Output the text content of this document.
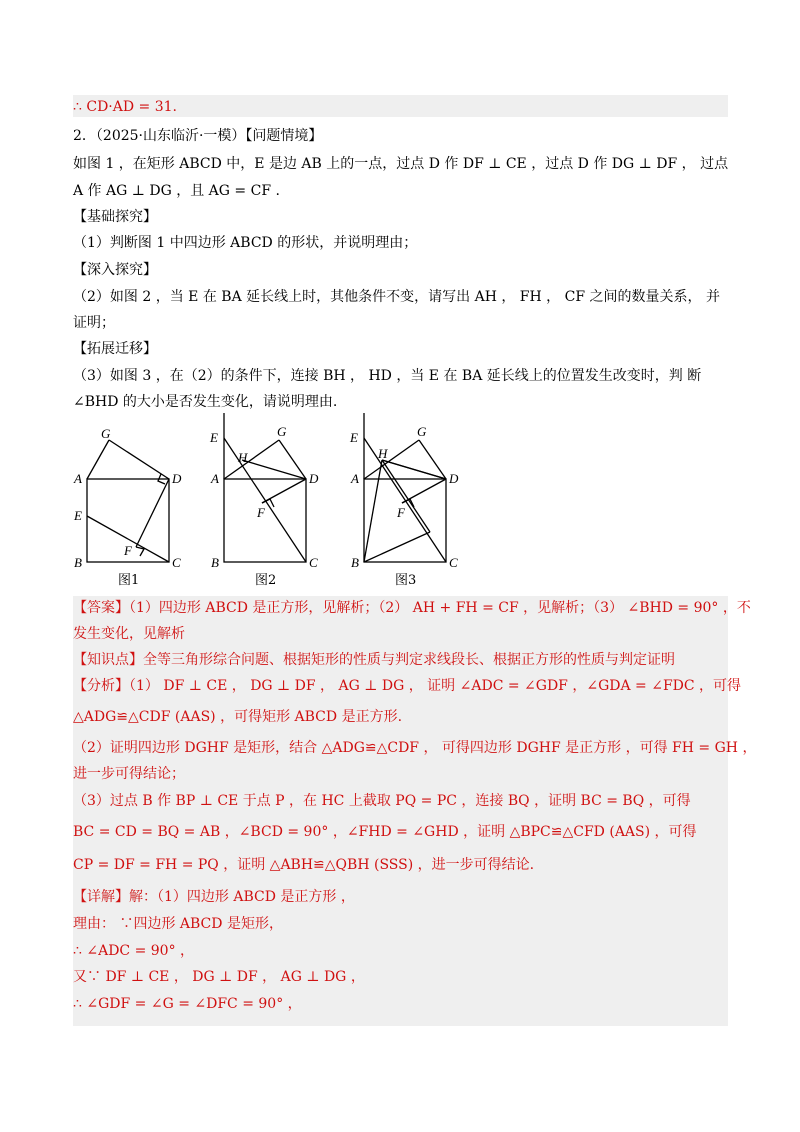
∴ CD·AD = 31.
2．（2025·山东临沂·一模）【问题情境】
如图 1 ，在矩形 ABCD 中，E 是边 AB 上的一点，过点 D 作 DF ⊥ CE ，过点 D 作 DG ⊥ DF ， 过点
A 作 AG ⊥ DG ，且 AG = CF .
【基础探究】
（1）判断图 1 中四边形 ABCD 的形状，并说明理由；
【深入探究】
（2）如图 2 ，当 E 在 BA 延长线上时，其他条件不变，请写出 AH ， FH ， CF 之间的数量关系， 并
证明；
【拓展迁移】
（3）如图 3 ，在（2）的条件下，连接 BH ， HD ，当 E 在 BA 延长线上的位置发生改变时，判 断
∠BHD 的大小是否发生变化，请说明理由.
G
A	D
E
F
B	C
图1
E	G
H
A	D
F
B	C
图2
E	G
H
A	D
F
B	C
图3
【答案】（1）四边形 ABCD 是正方形，见解析；（2） AH + FH = CF ，见解析；（3） ∠BHD = 90° ，不
发生变化，见解析
【知识点】全等三角形综合问题、根据矩形的性质与判定求线段长、根据正方形的性质与判定证明
【分析】（1） DF ⊥ CE ， DG ⊥ DF ， AG ⊥ DG ， 证明 ∠ADC = ∠GDF ，∠GDA = ∠FDC ，可得
△ADG≌△CDF (AAS) ，可得矩形 ABCD 是正方形.
（2）证明四边形 DGHF 是矩形，结合 △ADG≌△CDF ， 可得四边形 DGHF 是正方形 ，可得 FH = GH ，
进一步可得结论；
（3）过点 B 作 BP ⊥ CE 于点 P ，在 HC 上截取 PQ = PC ，连接 BQ ，证明 BC = BQ ，可得
BC = CD = BQ = AB ，∠BCD = 90° ，∠FHD = ∠GHD ，证明 △BPC≌△CFD (AAS) ，可得
CP = DF = FH = PQ ，证明 △ABH≌△QBH (SSS) ，进一步可得结论.
【详解】解：（1）四边形 ABCD 是正方形 ，
理由： ∵四边形 ABCD 是矩形，
∴ ∠ADC = 90° ，
又∵ DF ⊥ CE ， DG ⊥ DF ， AG ⊥ DG ，
∴ ∠GDF = ∠G = ∠DFC = 90° ，
